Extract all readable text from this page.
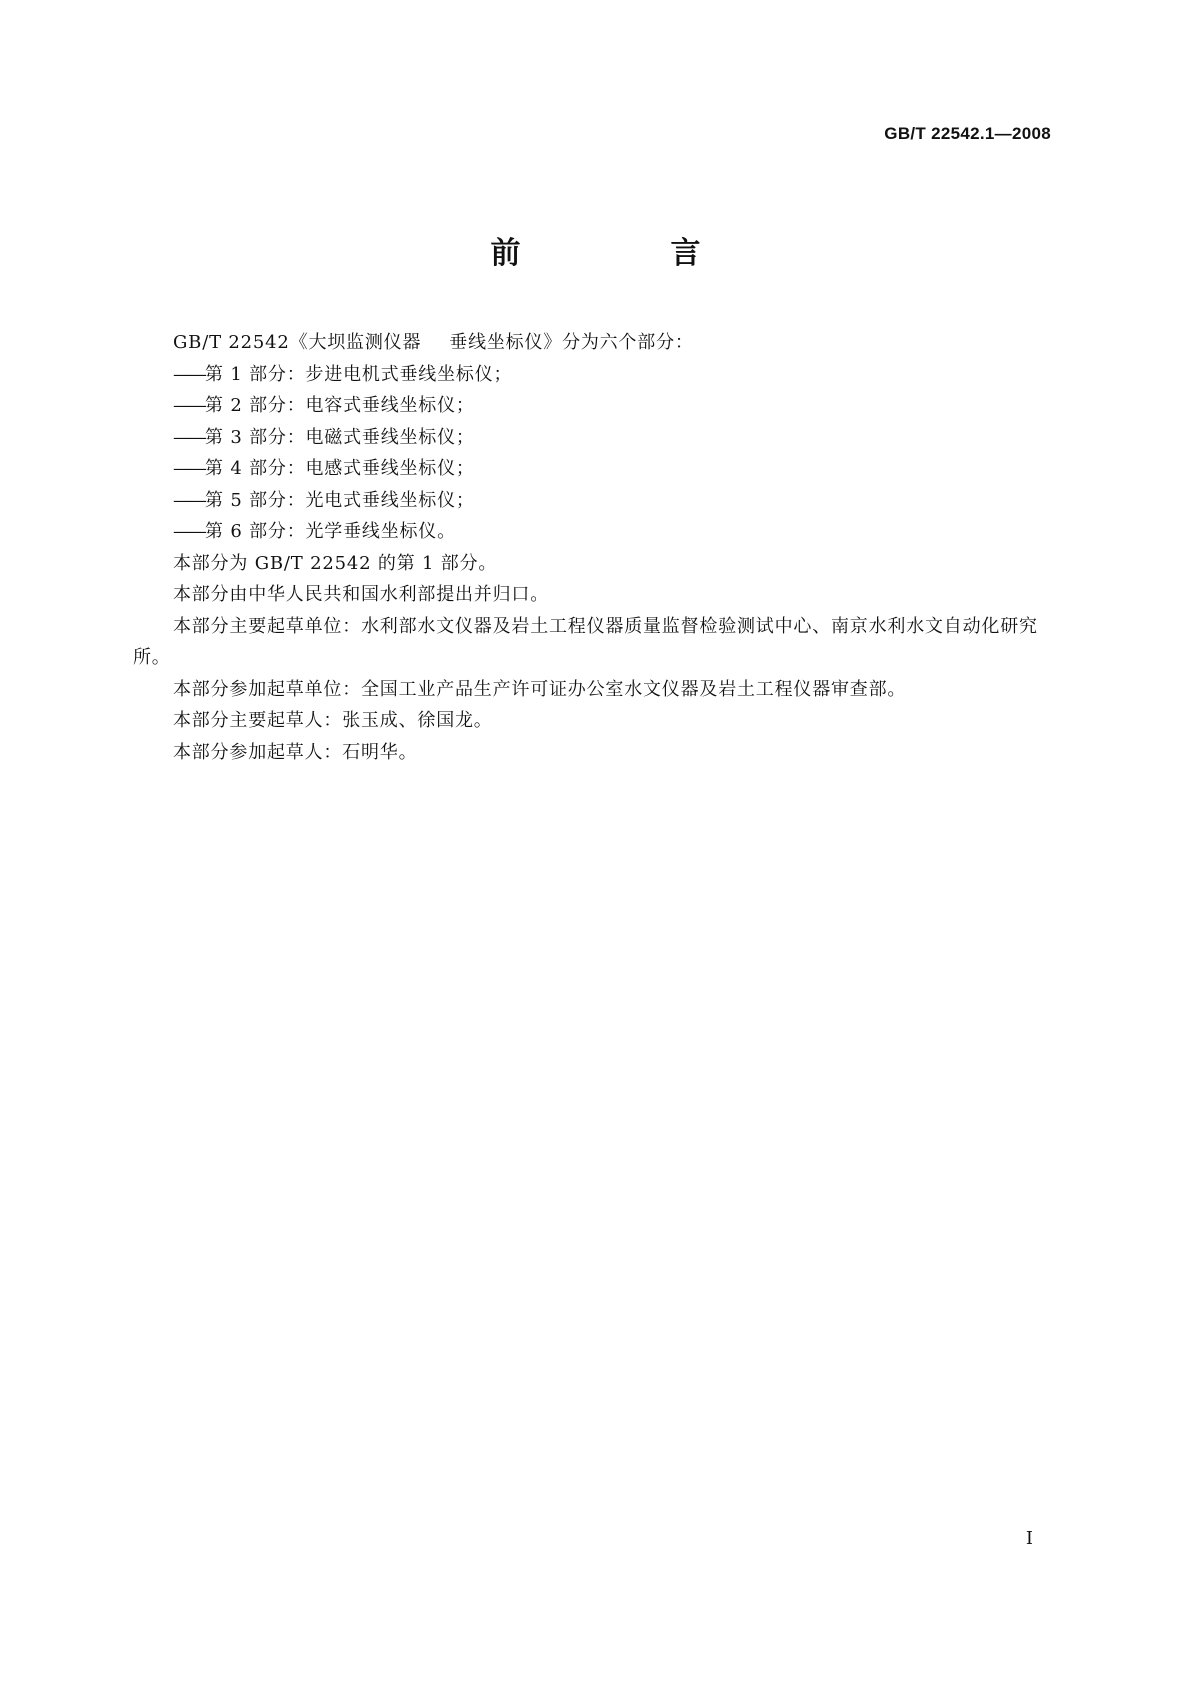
GB/T 22542.1—2008
前　言

GB/T 22542《大坝监测仪器 垂线坐标仪》分为六个部分：

——第 1 部分：步进电机式垂线坐标仪；

——第 2 部分：电容式垂线坐标仪；

——第 3 部分：电磁式垂线坐标仪；

——第 4 部分：电感式垂线坐标仪；

——第 5 部分：光电式垂线坐标仪；

——第 6 部分：光学垂线坐标仪。

本部分为 GB/T 22542 的第 1 部分。

本部分由中华人民共和国水利部提出并归口。

本部分主要起草单位：水利部水文仪器及岩土工程仪器质量监督检验测试中心、南京水利水文自动化研究所。

本部分参加起草单位：全国工业产品生产许可证办公室水文仪器及岩土工程仪器审查部。

本部分主要起草人：张玉成、徐国龙。

本部分参加起草人：石明华。

I
